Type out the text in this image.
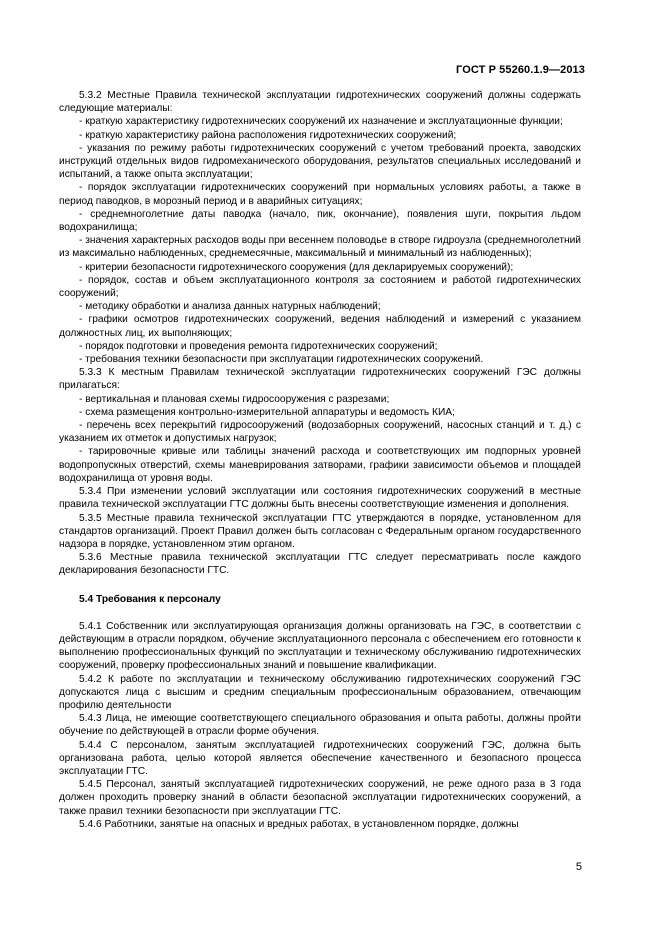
ГОСТ Р 55260.1.9—2013

5.3.2 Местные Правила технической эксплуатации гидротехнических сооружений должны содержать следующие материалы:

- краткую характеристику гидротехнических сооружений их назначение и эксплуатационные функции;

- краткую характеристику района расположения гидротехнических сооружений;

- указания по режиму работы гидротехнических сооружений с учетом требований проекта, заводских инструкций отдельных видов гидромеханического оборудования, результатов специальных исследований и испытаний, а также опыта эксплуатации;

- порядок эксплуатации гидротехнических сооружений при нормальных условиях работы, а также в период паводков, в морозный период и в аварийных ситуациях;

- среднемноголетние даты паводка (начало, пик, окончание), появления шуги, покрытия льдом водохранилища;

- значения характерных расходов воды при весеннем половодье в створе гидроузла (среднемноголетний из максимально наблюденных, среднемесячные, максимальный и минимальный из наблюденных);

- критерии безопасности гидротехнического сооружения (для декларируемых сооружений);

- порядок, состав и объем эксплуатационного контроля за состоянием и работой гидротехнических сооружений;

- методику обработки и анализа данных натурных наблюдений;

- графики осмотров гидротехнических сооружений, ведения наблюдений и измерений с указанием должностных лиц, их выполняющих;

- порядок подготовки и проведения ремонта гидротехнических сооружений;

- требования техники безопасности при эксплуатации гидротехнических сооружений.

5.3.3 К местным Правилам технической эксплуатации гидротехнических сооружений ГЭС должны прилагаться:

- вертикальная и плановая схемы гидросооружения с разрезами;

- схема размещения контрольно-измерительной аппаратуры и ведомость КИА;

- перечень всех перекрытий гидросооружений (водозаборных сооружений, насосных станций и т. д.) с указанием их отметок и допустимых нагрузок;

- тарировочные кривые или таблицы значений расхода и соответствующих им подпорных уровней водопропускных отверстий, схемы маневрирования затворами, графики зависимости объемов и площадей водохранилища от уровня воды.

5.3.4 При изменении условий эксплуатации или состояния гидротехнических сооружений в местные правила технической эксплуатации ГТС должны быть внесены соответствующие изменения и дополнения.

5.3.5 Местные правила технической эксплуатации ГТС утверждаются в порядке, установленном для стандартов организаций. Проект Правил должен быть согласован с Федеральным органом государственного надзора в порядке, установленном этим органом.

5.3.6 Местные правила технической эксплуатации ГТС следует пересматривать после каждого декларирования безопасности ГТС.

5.4 Требования к персоналу

5.4.1 Собственник или эксплуатирующая организация должны организовать на ГЭС, в соответствии с действующим в отрасли порядком, обучение эксплуатационного персонала с обеспечением его готовности к выполнению профессиональных функций по эксплуатации и техническому обслуживанию гидротехнических сооружений, проверку профессиональных знаний и повышение квалификации.

5.4.2 К работе по эксплуатации и техническому обслуживанию гидротехнических сооружений ГЭС допускаются лица с высшим и средним специальным профессиональным образованием, отвечающим профилю деятельности

5.4.3 Лица, не имеющие соответствующего специального образования и опыта работы, должны пройти обучение по действующей в отрасли форме обучения.

5.4.4 С персоналом, занятым эксплуатацией гидротехнических сооружений ГЭС, должна быть организована работа, целью которой является обеспечение качественного и безопасного процесса эксплуатации ГТС.

5.4.5 Персонал, занятый эксплуатацией гидротехнических сооружений, не реже одного раза в 3 года должен проходить проверку знаний в области безопасной эксплуатации гидротехнических сооружений, а также правил техники безопасности при эксплуатации ГТС.

5.4.6 Работники, занятые на опасных и вредных работах, в установленном порядке, должны

5
